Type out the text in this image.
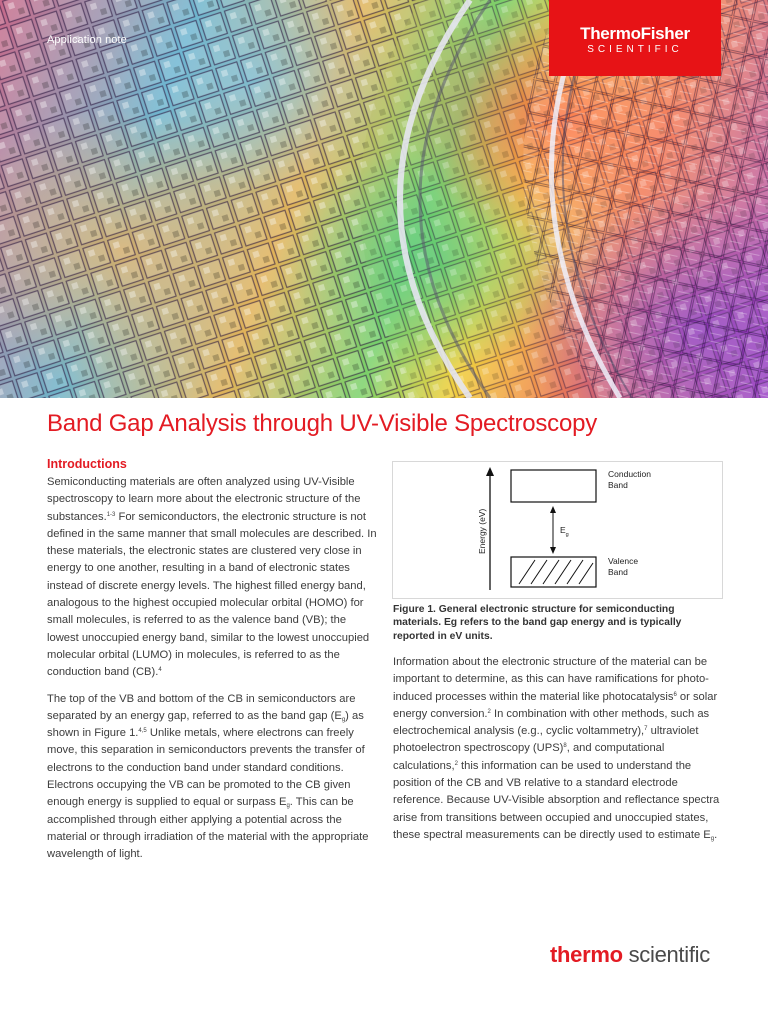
Application note	ThermoFisher
SCIENTIFIC
Band Gap Analysis through UV-Visible Spectroscopy
Introductions

Semiconducting materials are often analyzed using UV-Visible spectroscopy to learn more about the electronic structure of the substances.$^{1-3}$ For semiconductors, the electronic structure is not defined in the same manner that small molecules are described. In these materials, the electronic states are clustered very close in energy to one another, resulting in a band of electronic states instead of discrete energy levels. The highest filled energy band, analogous to the highest occupied molecular orbital (HOMO) for small molecules, is referred to as the valence band (VB); the lowest unoccupied energy band, similar to the lowest unoccupied molecular orbital (LUMO) in molecules, is referred to as the conduction band (CB).$^4$

The top of the VB and bottom of the CB in semiconductors are separated by an energy gap, referred to as the band gap $(E_g)$ as shown in Figure 1.$^{4,5}$ Unlike metals, where electrons can freely move, this separation in semiconductors prevents the transfer of electrons to the conduction band under standard conditions. Electrons occupying the VB can be promoted to the CB given enough energy is supplied to equal or surpass $E_g$. This can be accomplished through either applying a potential across the material or through irradiation of the material with the appropriate wavelength of light.

Energy (eV)
Conduction
Band
$E_g$
Valence
Band

Figure 1. General electronic structure for semiconducting materials. Eg refers to the band gap energy and is typically reported in eV units.

Information about the electronic structure of the material can be important to determine, as this can have ramifications for photo-induced processes within the material like photocatalysis$^6$ or solar energy conversion.$^2$ In combination with other methods, such as electrochemical analysis (e.g., cyclic voltammetry),$^7$ ultraviolet photoelectron spectroscopy (UPS)$^8$, and computational calculations,$^2$ this information can be used to understand the position of the CB and VB relative to a standard electrode reference. Because UV-Visible absorption and reflectance spectra arise from transitions between occupied and unoccupied states, these spectral measurements can be directly used to estimate $E_g$.

thermo scientific
